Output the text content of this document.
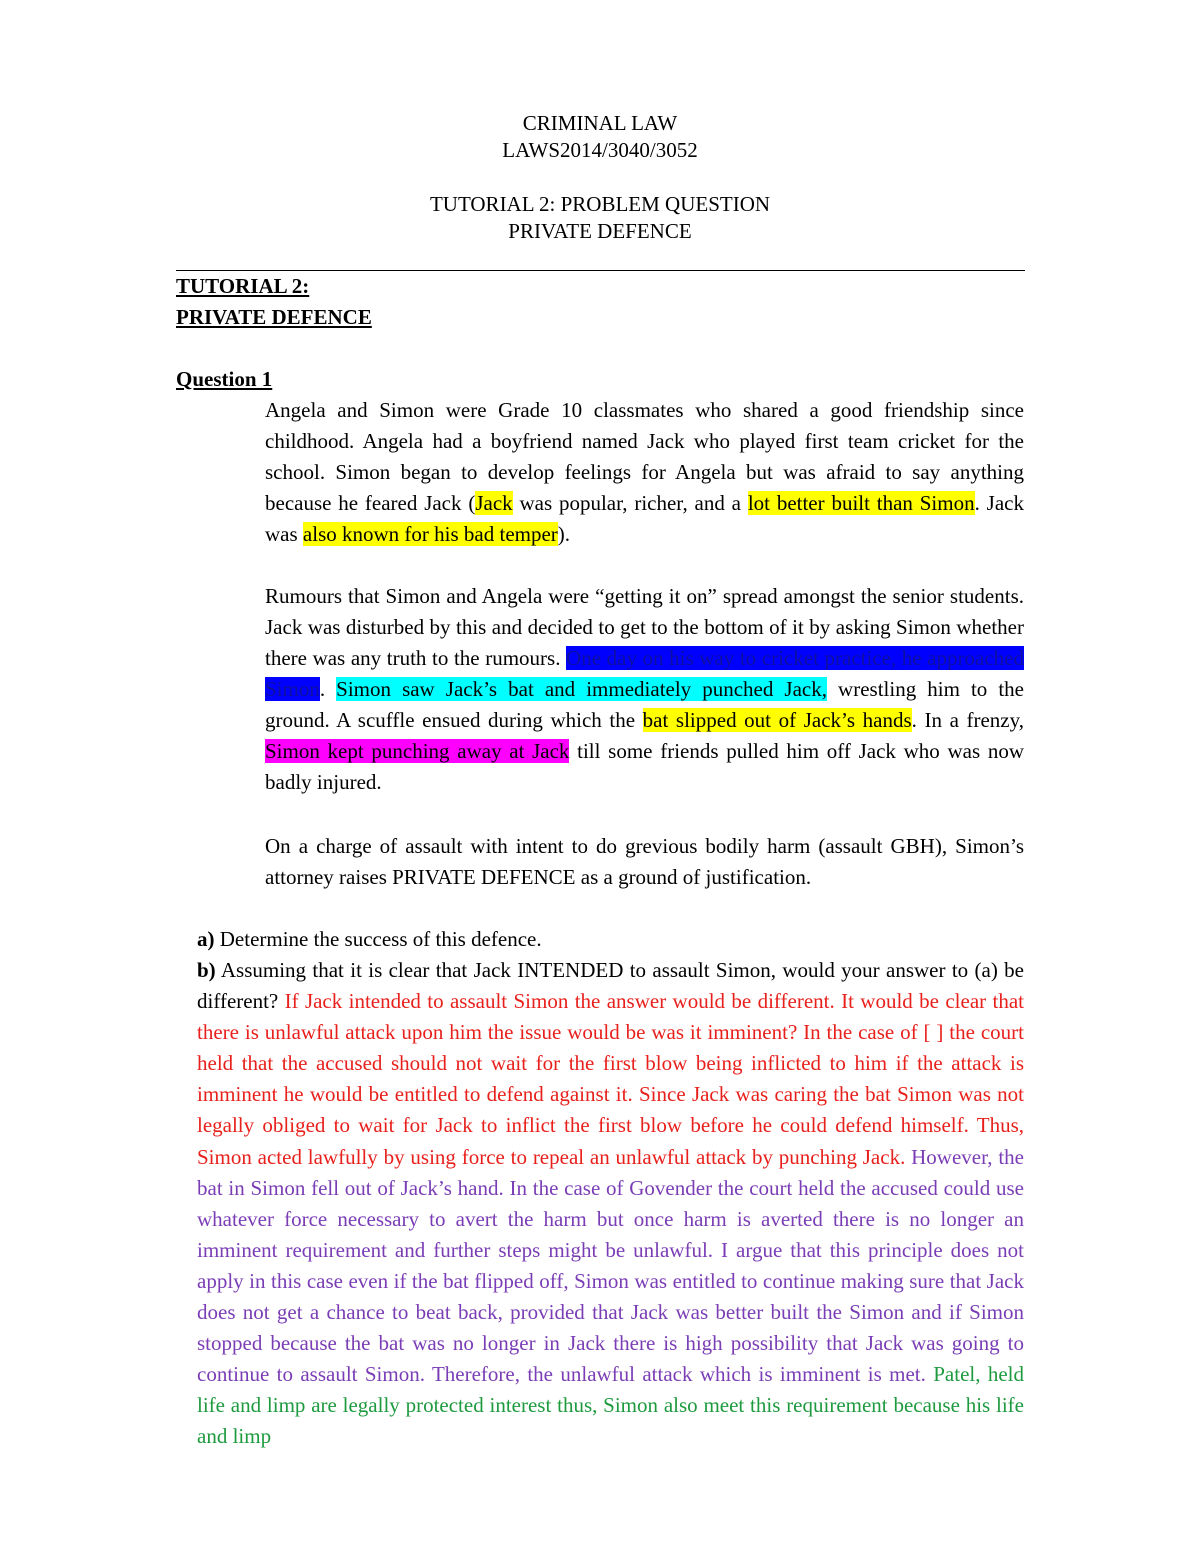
CRIMINAL LAW
LAWS2014/3040/3052
TUTORIAL 2: PROBLEM QUESTION
PRIVATE DEFENCE
TUTORIAL 2:
PRIVATE DEFENCE
Question 1
Angela and Simon were Grade 10 classmates who shared a good friendship since childhood. Angela had a boyfriend named Jack who played first team cricket for the school. Simon began to develop feelings for Angela but was afraid to say anything because he feared Jack (Jack was popular, richer, and a lot better built than Simon. Jack was also known for his bad temper).
Rumours that Simon and Angela were “getting it on” spread amongst the senior students. Jack was disturbed by this and decided to get to the bottom of it by asking Simon whether there was any truth to the rumours. One day on his way to cricket practice, he approached Simon. Simon saw Jack’s bat and immediately punched Jack, wrestling him to the ground. A scuffle ensued during which the bat slipped out of Jack’s hands. In a frenzy, Simon kept punching away at Jack till some friends pulled him off Jack who was now badly injured.
On a charge of assault with intent to do grevious bodily harm (assault GBH), Simon’s attorney raises PRIVATE DEFENCE as a ground of justification.
a) Determine the success of this defence.
b) Assuming that it is clear that Jack INTENDED to assault Simon, would your answer to (a) be different? If Jack intended to assault Simon the answer would be different. It would be clear that there is unlawful attack upon him the issue would be was it imminent? In the case of [ ] the court held that the accused should not wait for the first blow being inflicted to him if the attack is imminent he would be entitled to defend against it. Since Jack was caring the bat Simon was not legally obliged to wait for Jack to inflict the first blow before he could defend himself. Thus, Simon acted lawfully by using force to repeal an unlawful attack by punching Jack. However, the bat in Simon fell out of Jack’s hand. In the case of Govender the court held the accused could use whatever force necessary to avert the harm but once harm is averted there is no longer an imminent requirement and further steps might be unlawful. I argue that this principle does not apply in this case even if the bat flipped off, Simon was entitled to continue making sure that Jack does not get a chance to beat back, provided that Jack was better built the Simon and if Simon stopped because the bat was no longer in Jack there is high possibility that Jack was going to continue to assault Simon. Therefore, the unlawful attack which is imminent is met. Patel, held life and limp are legally protected interest thus, Simon also meet this requirement because his life and limp
